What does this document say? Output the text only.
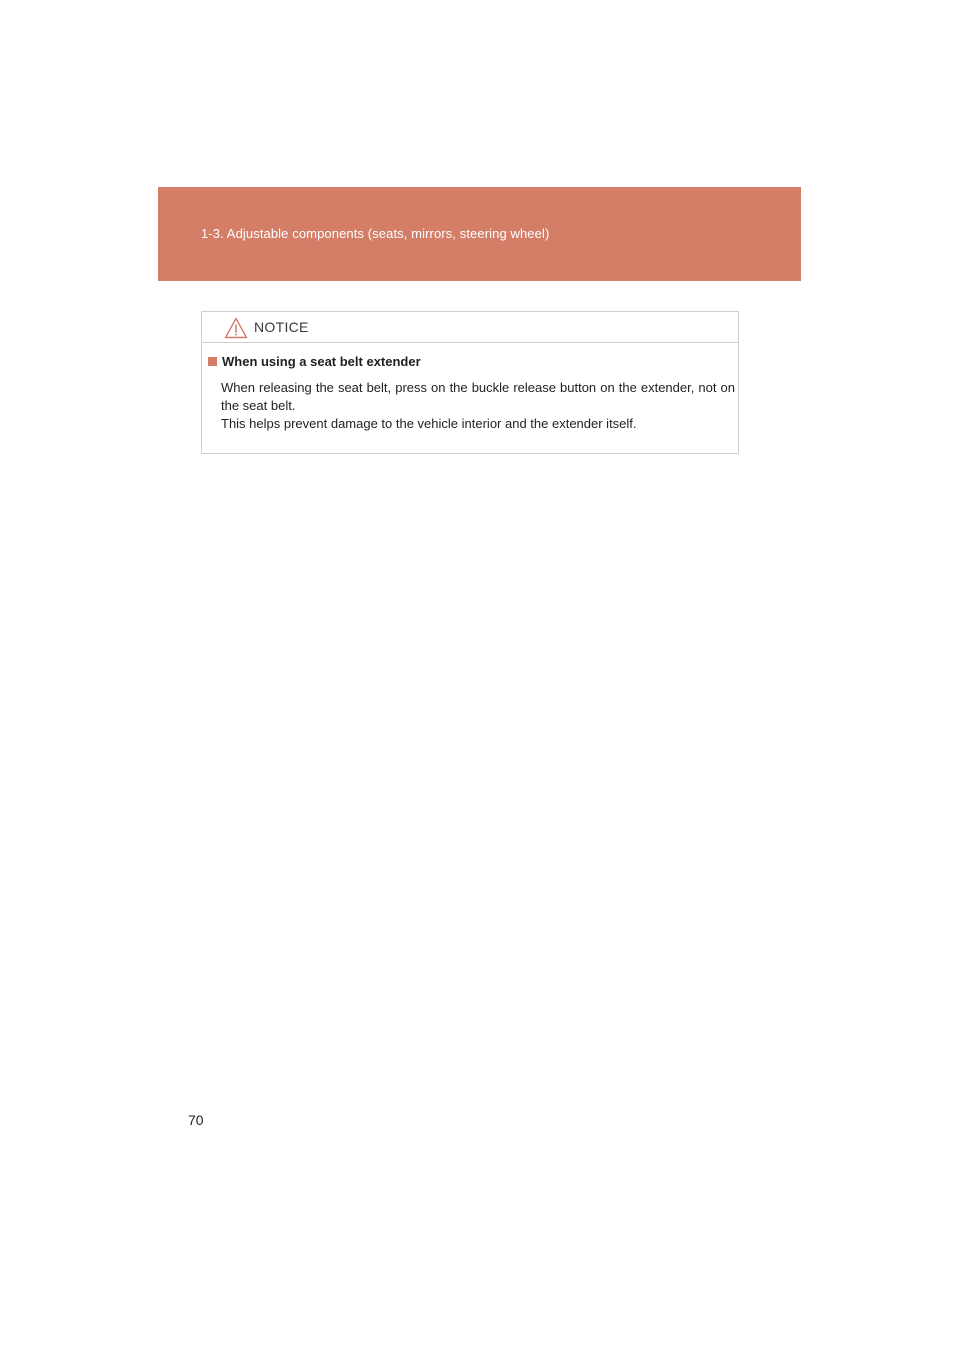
1-3. Adjustable components (seats, mirrors, steering wheel)
NOTICE
When using a seat belt extender

When releasing the seat belt, press on the buckle release button on the extender, not on the seat belt.

This helps prevent damage to the vehicle interior and the extender itself.

70
